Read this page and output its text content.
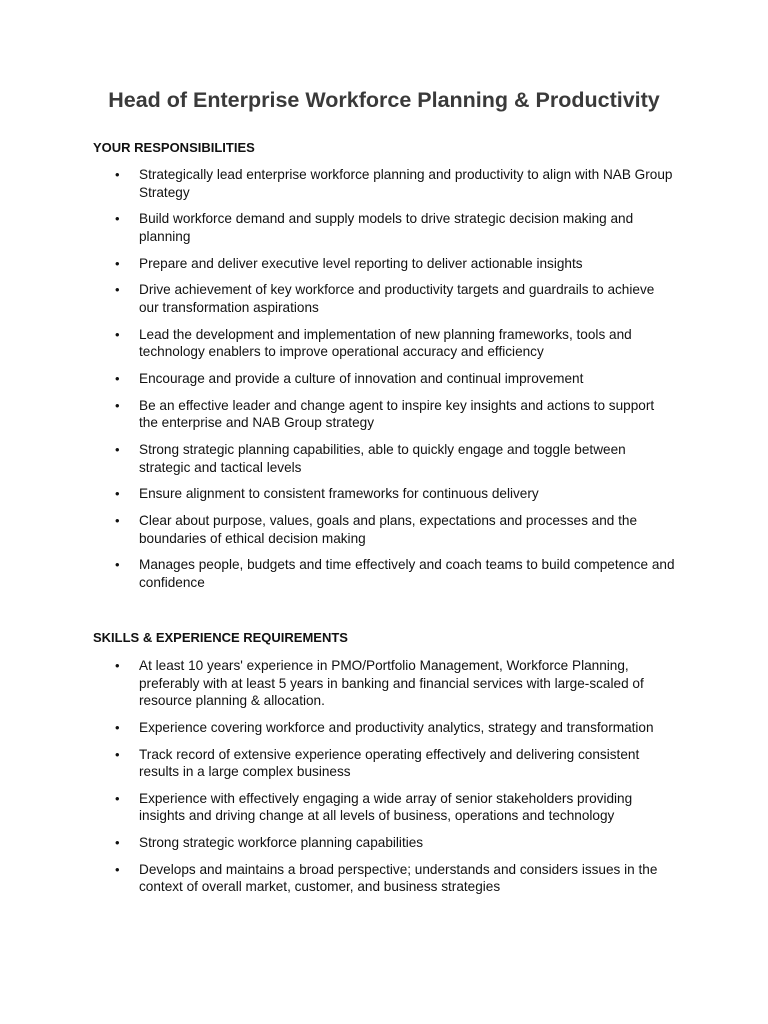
Head of Enterprise Workforce Planning & Productivity
YOUR RESPONSIBILITIES
•	Strategically lead enterprise workforce planning and productivity to align with NAB Group Strategy
•	Build workforce demand and supply models to drive strategic decision making and planning
•	Prepare and deliver executive level reporting to deliver actionable insights
•	Drive achievement of key workforce and productivity targets and guardrails to achieve our transformation aspirations
•	Lead the development and implementation of new planning frameworks, tools and technology enablers to improve operational accuracy and efficiency
•	Encourage and provide a culture of innovation and continual improvement
•	Be an effective leader and change agent to inspire key insights and actions to support the enterprise and NAB Group strategy
•	Strong strategic planning capabilities, able to quickly engage and toggle between strategic and tactical levels
•	Ensure alignment to consistent frameworks for continuous delivery
•	Clear about purpose, values, goals and plans, expectations and processes and the boundaries of ethical decision making
•	Manages people, budgets and time effectively and coach teams to build competence and confidence
SKILLS & EXPERIENCE REQUIREMENTS
•	At least 10 years' experience in PMO/Portfolio Management, Workforce Planning, preferably with at least 5 years in banking and financial services with large-scaled of resource planning & allocation.
•	Experience covering workforce and productivity analytics, strategy and transformation
•	Track record of extensive experience operating effectively and delivering consistent results in a large complex business
•	Experience with effectively engaging a wide array of senior stakeholders providing insights and driving change at all levels of business, operations and technology
•	Strong strategic workforce planning capabilities
•	Develops and maintains a broad perspective; understands and considers issues in the context of overall market, customer, and business strategies
